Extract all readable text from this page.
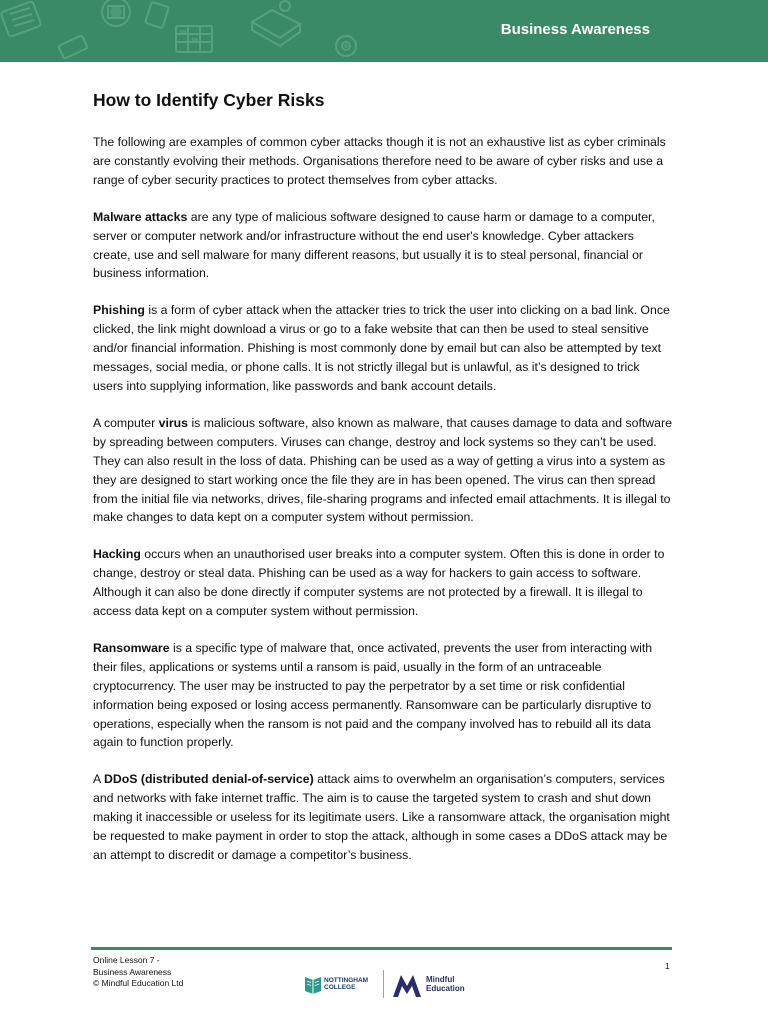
Business Awareness
How to Identify Cyber Risks

The following are examples of common cyber attacks though it is not an exhaustive list as cyber criminals are constantly evolving their methods. Organisations therefore need to be aware of cyber risks and use a range of cyber security practices to protect themselves from cyber attacks.

Malware attacks are any type of malicious software designed to cause harm or damage to a computer, server or computer network and/or infrastructure without the end user's knowledge. Cyber attackers create, use and sell malware for many different reasons, but usually it is to steal personal, financial or business information.

Phishing is a form of cyber attack when the attacker tries to trick the user into clicking on a bad link. Once clicked, the link might download a virus or go to a fake website that can then be used to steal sensitive and/or financial information. Phishing is most commonly done by email but can also be attempted by text messages, social media, or phone calls. It is not strictly illegal but is unlawful, as it’s designed to trick users into supplying information, like passwords and bank account details.

A computer virus is malicious software, also known as malware, that causes damage to data and software by spreading between computers. Viruses can change, destroy and lock systems so they can’t be used. They can also result in the loss of data. Phishing can be used as a way of getting a virus into a system as they are designed to start working once the file they are in has been opened. The virus can then spread from the initial file via networks, drives, file-sharing programs and infected email attachments. It is illegal to make changes to data kept on a computer system without permission.

Hacking occurs when an unauthorised user breaks into a computer system. Often this is done in order to change, destroy or steal data. Phishing can be used as a way for hackers to gain access to software. Although it can also be done directly if computer systems are not protected by a firewall. It is illegal to access data kept on a computer system without permission.

Ransomware is a specific type of malware that, once activated, prevents the user from interacting with their files, applications or systems until a ransom is paid, usually in the form of an untraceable cryptocurrency. The user may be instructed to pay the perpetrator by a set time or risk confidential information being exposed or losing access permanently. Ransomware can be particularly disruptive to operations, especially when the ransom is not paid and the company involved has to rebuild all its data again to function properly.

A DDoS (distributed denial-of-service) attack aims to overwhelm an organisation’s computers, services and networks with fake internet traffic. The aim is to cause the targeted system to crash and shut down making it inaccessible or useless for its legitimate users. Like a ransomware attack, the organisation might be requested to make payment in order to stop the attack, although in some cases a DDoS attack may be an attempt to discredit or damage a competitor’s business.

Online Lesson 7 -
Business Awareness
© Mindful Education Ltd
1
NOTTINGHAM
COLLEGE
Mindful
Education
